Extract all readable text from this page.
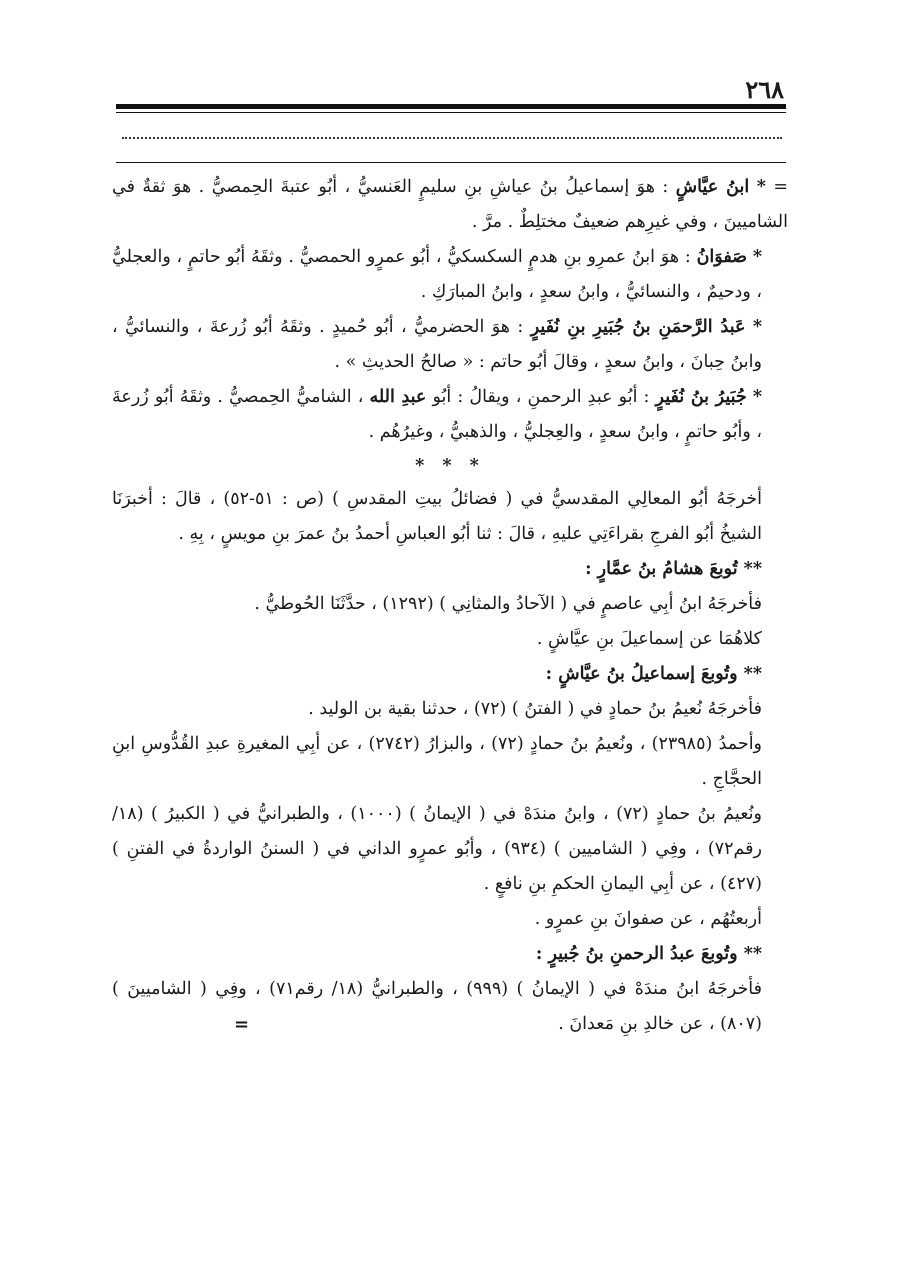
٢٦٨

= * ابنُ عيَّاشٍ : هوَ إسماعيلُ بنُ عياشِ بنِ سليمٍ العَنسيُّ ، أبُو عتبةَ الحِمصيُّ . هوَ ثقةٌ في الشاميينَ ، وفي غيرِهم ضعيفٌ مختلِطٌ . مرَّ .

* صَفوَانُ : هوَ ابنُ عمرِو بنِ هدمٍ السكسكيُّ ، أبُو عمرٍو الحمصيُّ . وثقَهُ أبُو حاتمٍ ، والعجليُّ ، ودحيمٌ ، والنسائيُّ ، وابنُ سعدٍ ، وابنُ المبارَكِ .

* عَبدُ الرَّحمَنِ بنُ جُبَيرِ بنِ نُفَيرٍ : هوَ الحضرميُّ ، أبُو حُميدٍ . وثقَهُ أبُو زُرعةَ ، والنسائيُّ ، وابنُ حِبانَ ، وابنُ سعدٍ ، وقالَ أبُو حاتم : « صالحُ الحديثِ » .

* جُبَيرُ بنُ نُفَيرٍ : أبُو عبدِ الرحمنِ ، ويقالُ : أبُو عبدِ الله ، الشاميُّ الحِمصيُّ . وثقَهُ أبُو زُرعةَ ، وأبُو حاتمٍ ، وابنُ سعدٍ ، والعِجليُّ ، والذهبيُّ ، وغيرُهُم .

* * *

أخرجَهُ أبُو المعالِي المقدسيُّ في ( فضائلُ بيتِ المقدسِ ) (ص : ٥١-٥٢) ، قالَ : أخبرَنَا الشيخُ أبُو الفرجِ بقراءَتِي عليهِ ، قالَ : ثنا أبُو العباسِ أحمدُ بنُ عمرَ بنِ مويسٍ ، بِهِ .

** تُوبعَ هشامُ بنُ عمَّارٍ :

فأخرجَهُ ابنُ أبِي عاصمٍ في ( الآحادُ والمثانِي ) (١٢٩٢) ، حدَّثَنَا الحُوطيُّ .

كلاهُمَا عن إسماعيلَ بنِ عيَّاشٍ .

** وتُوبعَ إسماعيلُ بنُ عيَّاشٍ :

فأخرجَهُ نُعيمُ بنُ حمادٍ في ( الفتنُ ) (٧٢) ، حدثنا بقية بن الوليد .

وأحمدُ (٢٣٩٨٥) ، ونُعيمُ بنُ حمادٍ (٧٢) ، والبزارُ (٢٧٤٢) ، عن أبِي المغيرةِ عبدِ القُدُّوسِ ابنِ الحجَّاجِ .

ونُعيمُ بنُ حمادٍ (٧٢) ، وابنُ مندَهْ في ( الإيمانُ ) (١٠٠٠) ، والطبرانيُّ في ( الكبيرُ ) (١٨/ رقم٧٢) ، وفِي ( الشاميين ) (٩٣٤) ، وأبُو عمرٍو الداني في ( السننُ الواردةُ في الفتنِ ) (٤٢٧) ، عن أبِي اليمانِ الحكمِ بنِ نافعٍ .

أربعتُهُم ، عن صفوانَ بنِ عمرٍو .

** وتُوبعَ عبدُ الرحمنِ بنُ جُبيرٍ :

فأخرجَهُ ابنُ مندَهْ في ( الإيمانُ ) (٩٩٩) ، والطبرانيُّ (١٨/ رقم٧١) ، وفِي ( الشاميينَ ) (٨٠٧) ، عن خالدِ بنِ مَعدانَ .
=
